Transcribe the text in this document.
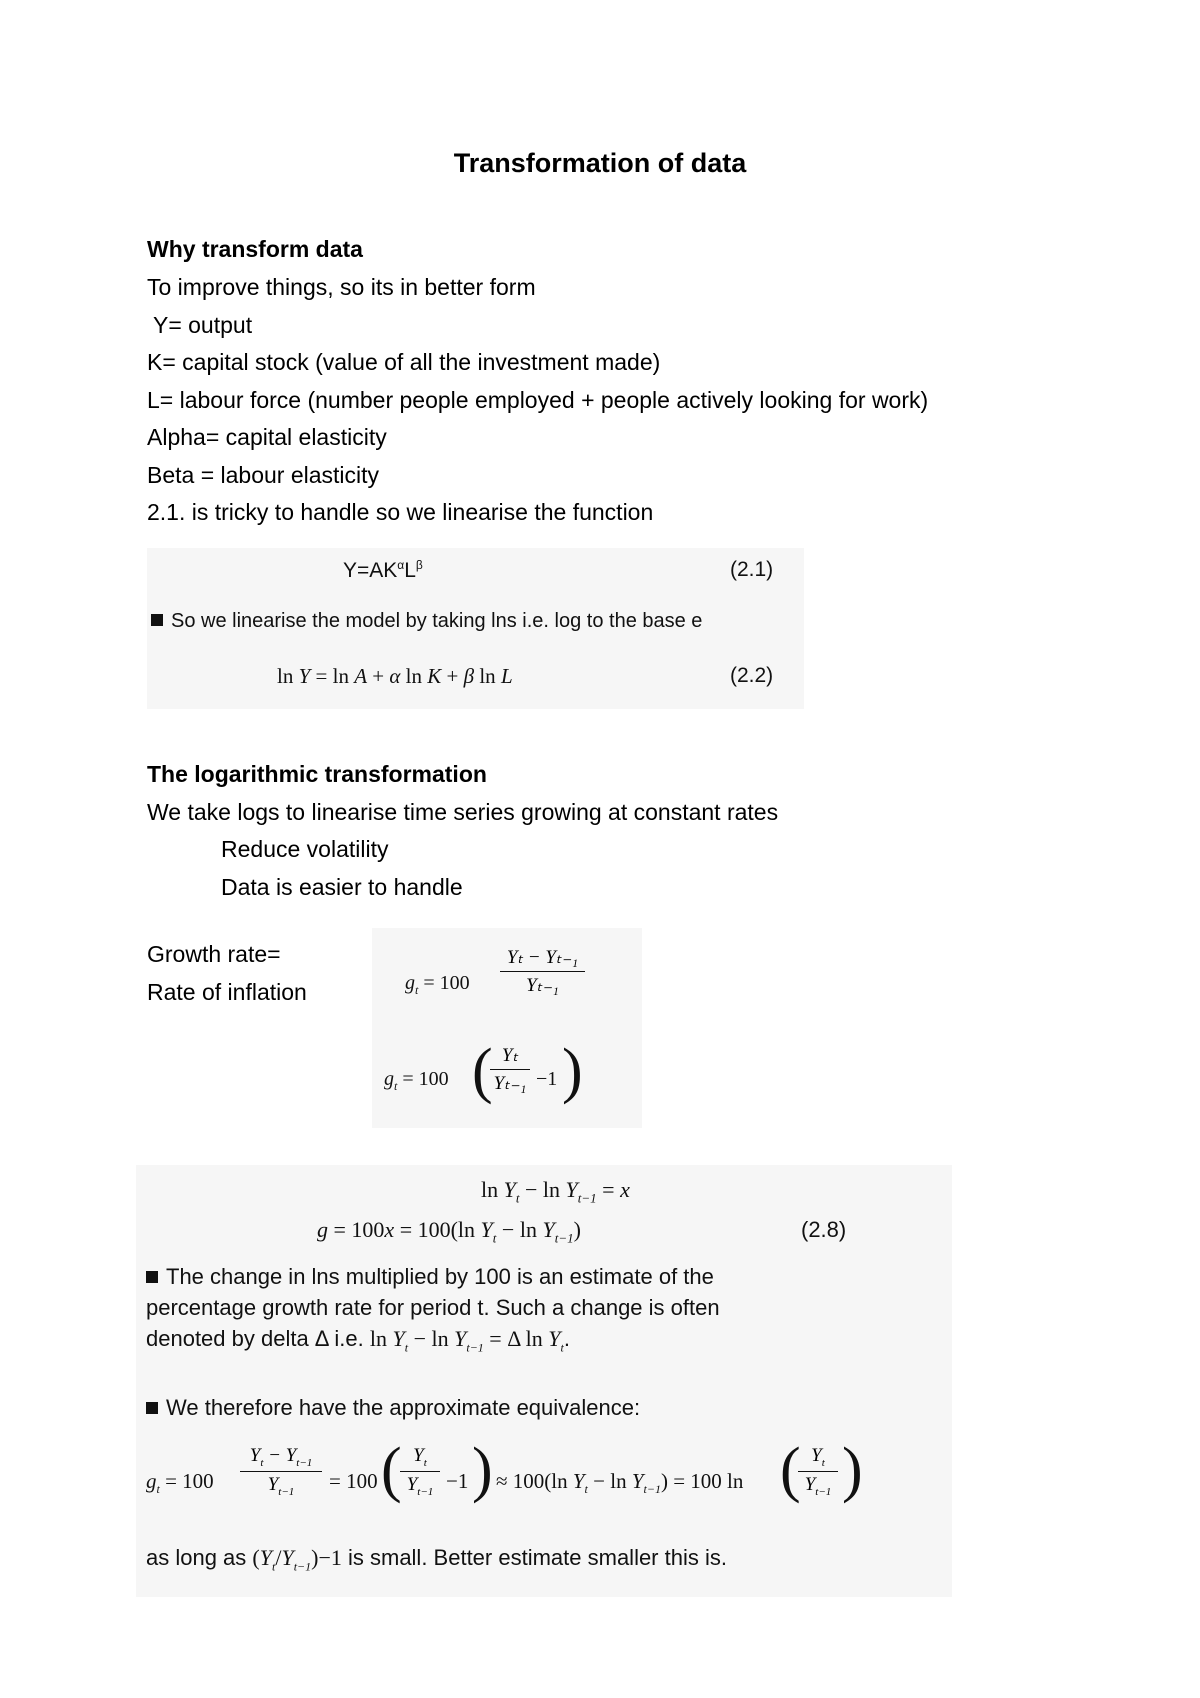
Transformation of data
Why transform data
To improve things, so its in better form
Y= output
K= capital stock (value of all the investment made)
L= labour force (number people employed + people actively looking for work)
Alpha= capital elasticity
Beta = labour elasticity
2.1. is tricky to handle so we linearise the function
$Y=AK^\alpha L^\beta$	(2.1)
So we linearise the model by taking lns i.e. log to the base e
ln Y = ln A + α ln K + β ln L	(2.2)
The logarithmic transformation
We take logs to linearise time series growing at constant rates
Reduce volatility
Data is easier to handle
Growth rate=
Rate of inflation	$g_t = 100$
Yₜ − Yₜ₋₁
Yₜ₋₁
$g_t = 100$ ( Yₜ
Yₜ₋₁ −1 )
$\ln Y_t - \ln Y_{t-1} = x$
g = 100x = 100(ln $Y_t - \ln Y_{t-1}$)	(2.8)
The change in lns multiplied by 100 is an estimate of the
percentage growth rate for period t. Such a change is often
denoted by delta Δ i.e. $\ln Y_t - \ln Y_{t-1} = \Delta$ $\ln Y_t$.
We therefore have the approximate equivalence:
$g_t = 100$
$Y_t - Y_{t-1}$
$Y_{t-1}$	= 100 ( $Y_t$
$Y_{t-1} -1$ ) ≈ 100(ln $Y_t - \ln Y_{t-1}) = 100$ ln ( $Y_t$
$Y_{t-1}$ )
as long as $(Y_t/Y_{t-1})-1$ is small. Better estimate smaller this is.
